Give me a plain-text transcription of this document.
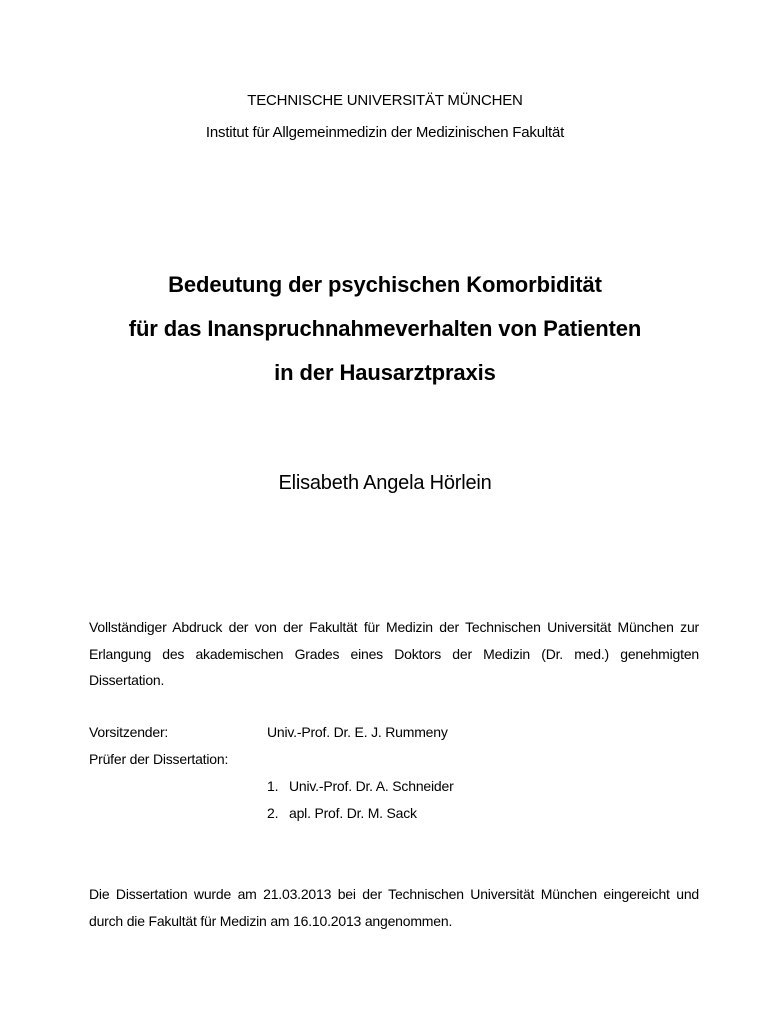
TECHNISCHE UNIVERSITÄT MÜNCHEN
Institut für Allgemeinmedizin der Medizinischen Fakultät
Bedeutung der psychischen Komorbidität
für das Inanspruchnahmeverhalten von Patienten
in der Hausarztpraxis
Elisabeth Angela Hörlein
Vollständiger Abdruck der von der Fakultät für Medizin der Technischen Universität München zur Erlangung des akademischen Grades eines Doktors der Medizin (Dr. med.) genehmigten Dissertation.
Vorsitzender:	Univ.-Prof. Dr. E. J. Rummeny
Prüfer der Dissertation:
1. Univ.-Prof. Dr. A. Schneider
2. apl. Prof. Dr. M. Sack
Die Dissertation wurde am 21.03.2013 bei der Technischen Universität München eingereicht und durch die Fakultät für Medizin am 16.10.2013 angenommen.
